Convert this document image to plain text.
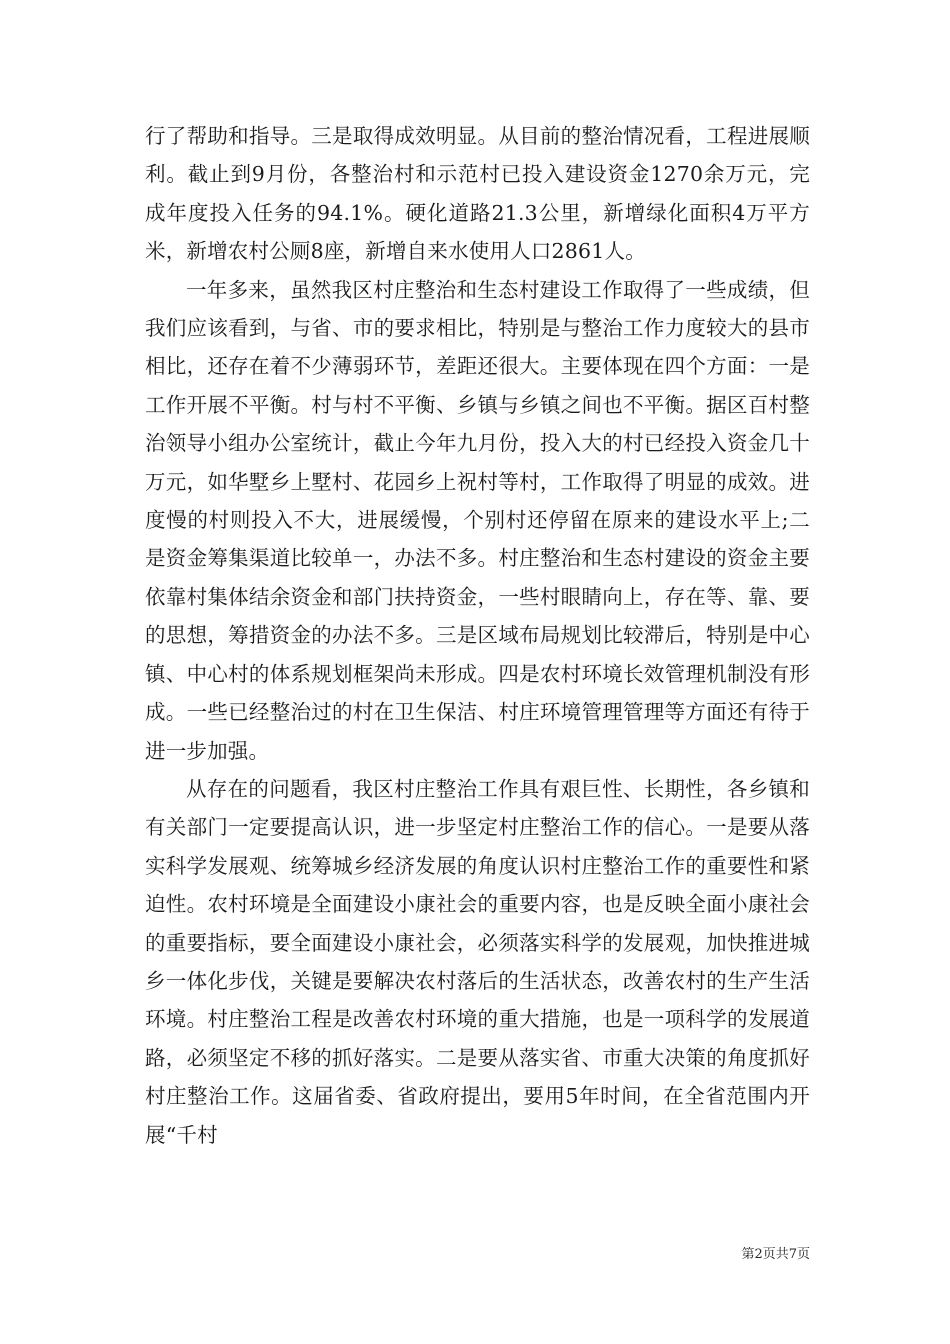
行了帮助和指导。三是取得成效明显。从目前的整治情况看，工程进展顺利。截止到9月份，各整治村和示范村已投入建设资金1270余万元，完成年度投入任务的94.1%。硬化道路21.3公里，新增绿化面积4万平方米，新增农村公厕8座，新增自来水使用人口2861人。

一年多来，虽然我区村庄整治和生态村建设工作取得了一些成绩，但我们应该看到，与省、市的要求相比，特别是与整治工作力度较大的县市相比，还存在着不少薄弱环节，差距还很大。主要体现在四个方面：一是工作开展不平衡。村与村不平衡、乡镇与乡镇之间也不平衡。据区百村整治领导小组办公室统计，截止今年九月份，投入大的村已经投入资金几十万元，如华墅乡上墅村、花园乡上祝村等村，工作取得了明显的成效。进度慢的村则投入不大，进展缓慢，个别村还停留在原来的建设水平上;二是资金筹集渠道比较单一，办法不多。村庄整治和生态村建设的资金主要依靠村集体结余资金和部门扶持资金，一些村眼睛向上，存在等、靠、要的思想，筹措资金的办法不多。三是区域布局规划比较滞后，特别是中心镇、中心村的体系规划框架尚未形成。四是农村环境长效管理机制没有形成。一些已经整治过的村在卫生保洁、村庄环境管理管理等方面还有待于进一步加强。

从存在的问题看，我区村庄整治工作具有艰巨性、长期性，各乡镇和有关部门一定要提高认识，进一步坚定村庄整治工作的信心。一是要从落实科学发展观、统筹城乡经济发展的角度认识村庄整治工作的重要性和紧迫性。农村环境是全面建设小康社会的重要内容，也是反映全面小康社会的重要指标，要全面建设小康社会，必须落实科学的发展观，加快推进城乡一体化步伐，关键是要解决农村落后的生活状态，改善农村的生产生活环境。村庄整治工程是改善农村环境的重大措施，也是一项科学的发展道路，必须坚定不移的抓好落实。二是要从落实省、市重大决策的角度抓好村庄整治工作。这届省委、省政府提出，要用5年时间，在全省范围内开展“千村

第2页共7页
